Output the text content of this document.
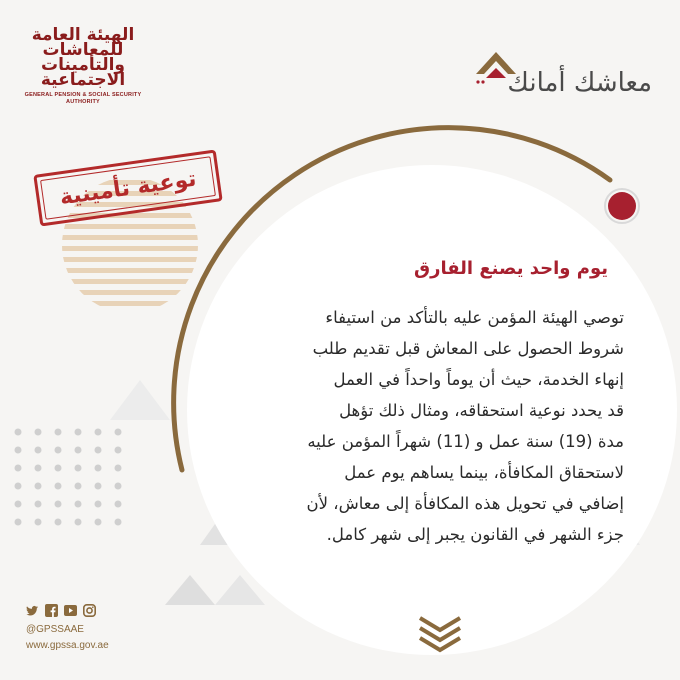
الهيئة العامة للمعاشات والتأمينات الاجتماعية
GENERAL PENSION & SOCIAL SECURITY AUTHORITY
معاشك أمانك
توعية تأمينية
يوم واحد يصنع الفارق
توصي الهيئة المؤمن عليه بالتأكد من استيفاء
شروط الحصول على المعاش قبل تقديم طلب
إنهاء الخدمة، حيث أن يوماً واحداً في العمل
قد يحدد نوعية استحقاقه، ومثال ذلك تؤهل
مدة (19) سنة عمل و (11) شهراً المؤمن عليه
لاستحقاق المكافأة، بينما يساهم يوم عمل
إضافي في تحويل هذه المكافأة إلى معاش، لأن
جزء الشهر في القانون يجبر إلى شهر كامل.
@GPSSAAE
www.gpssa.gov.ae
